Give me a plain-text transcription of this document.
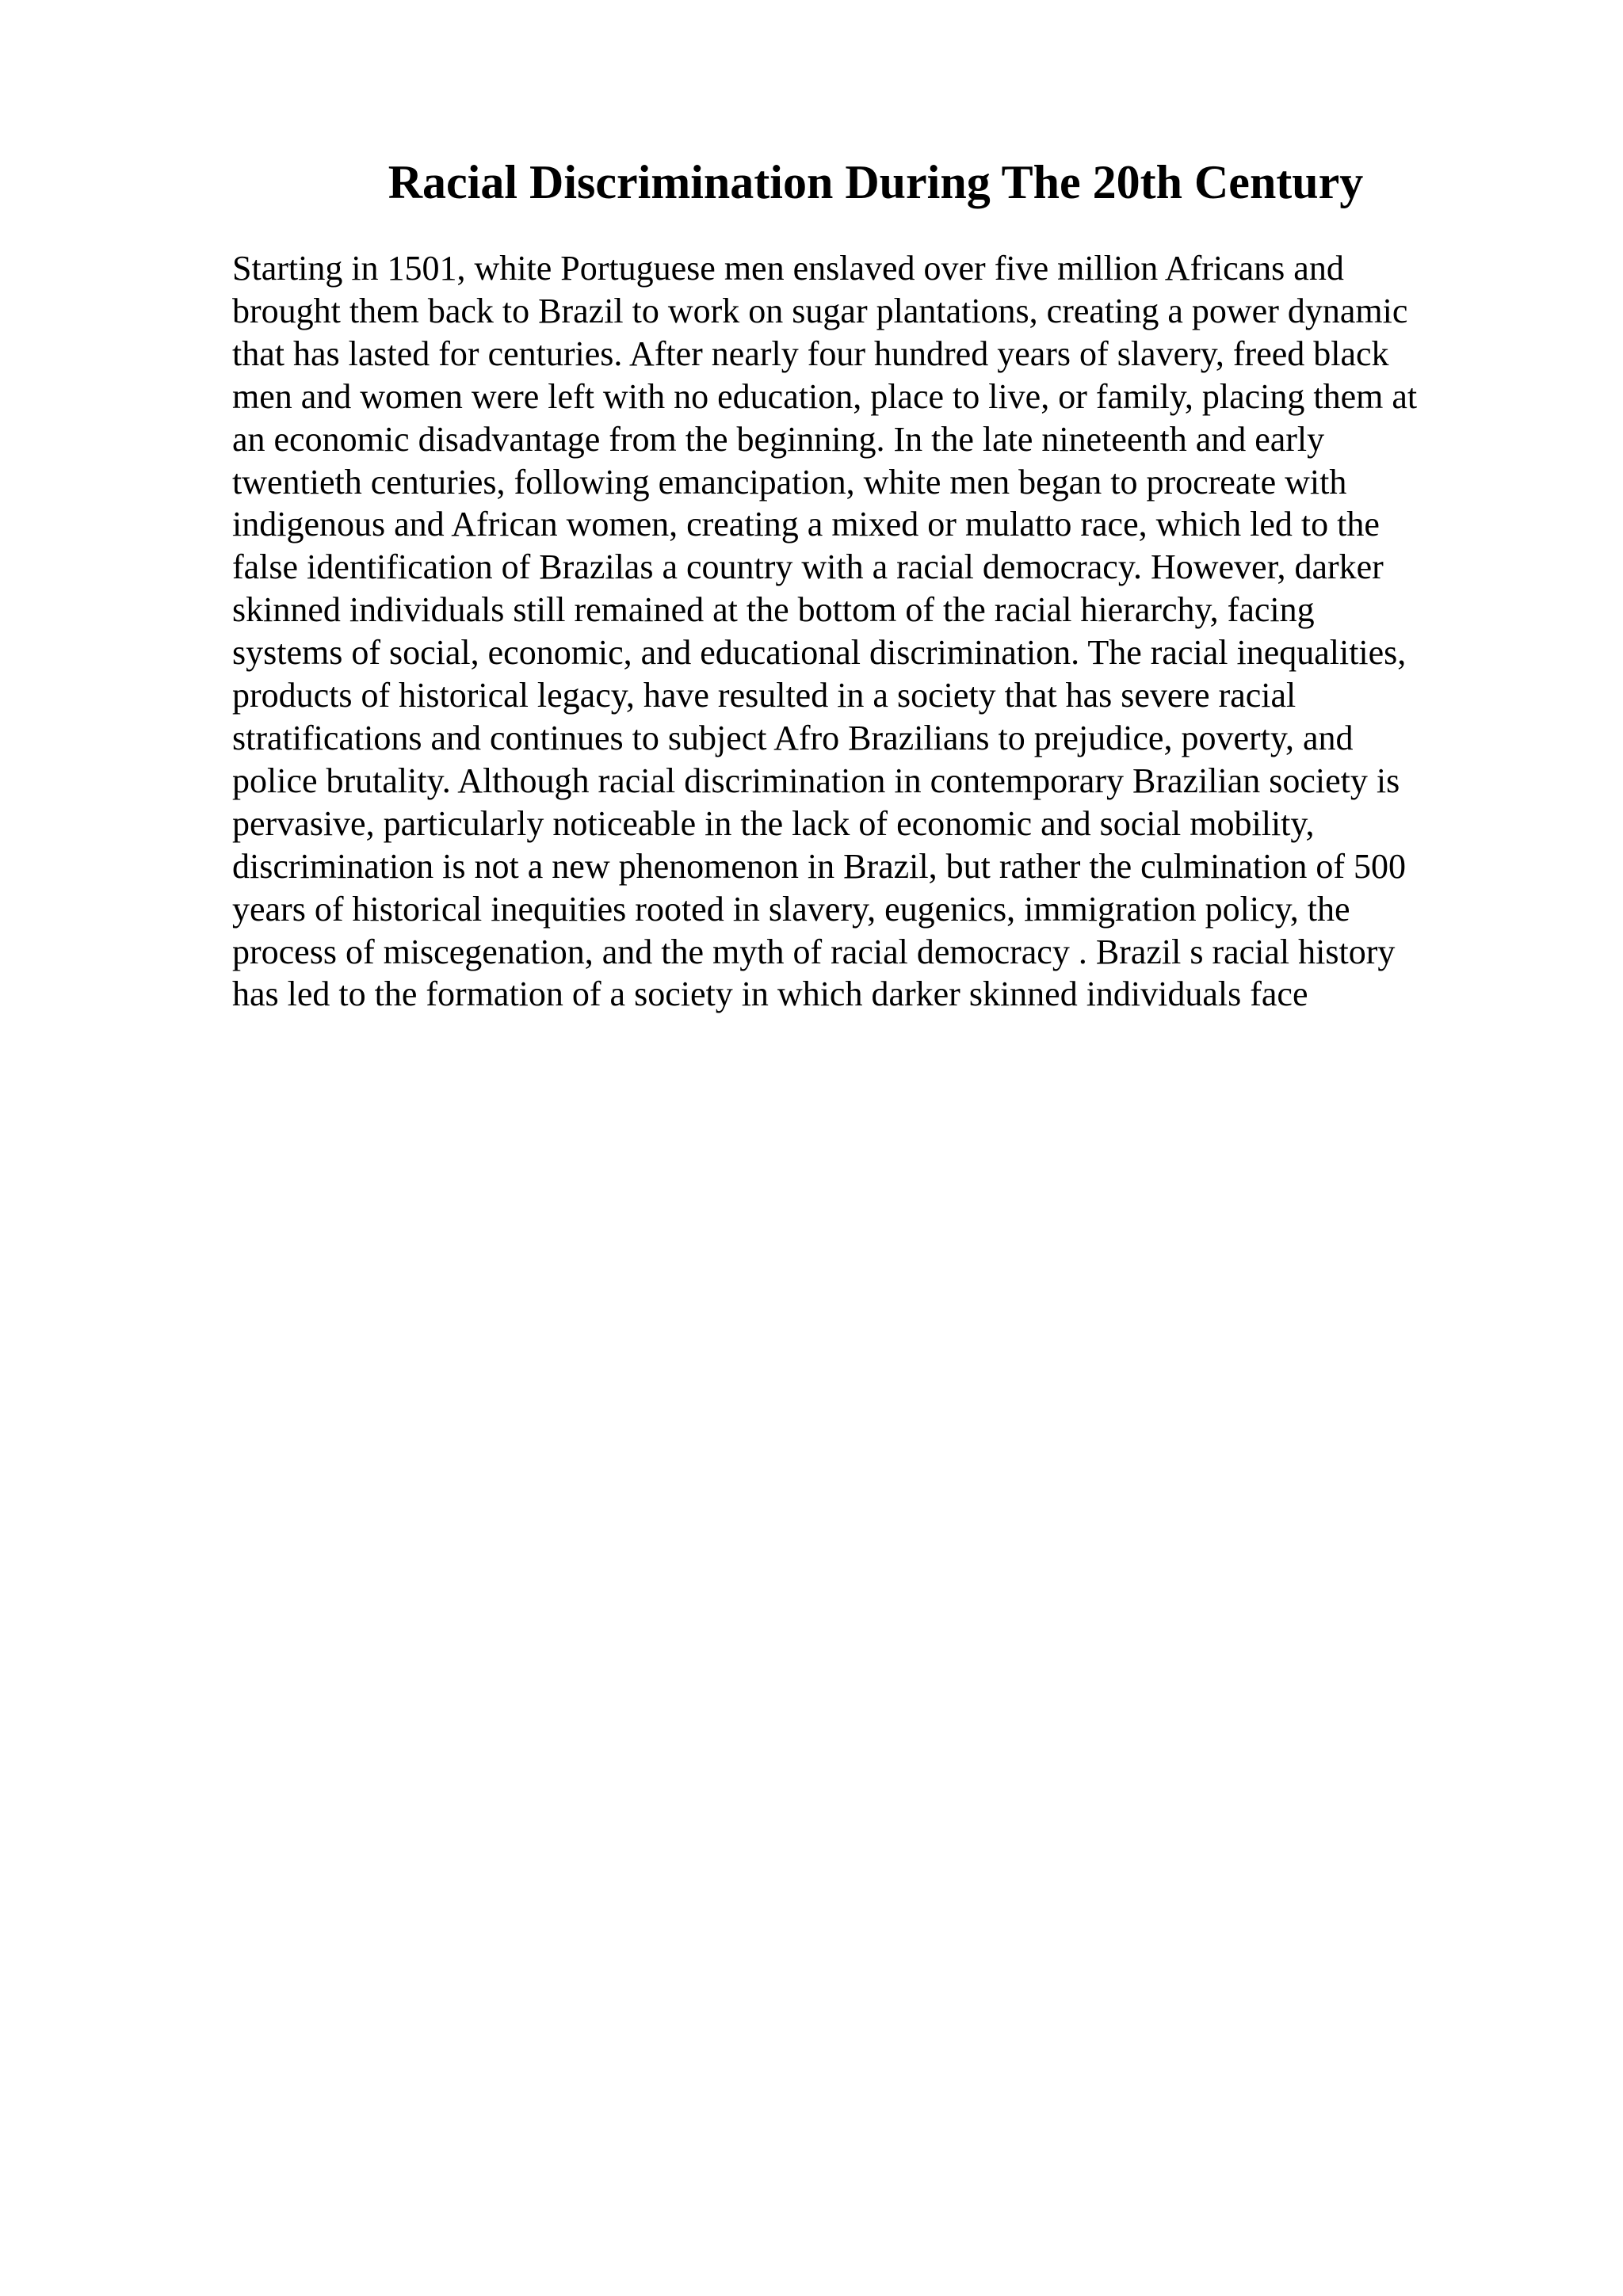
Racial Discrimination During The 20th Century
Starting in 1501, white Portuguese men enslaved over five million Africans and
brought them back to Brazil to work on sugar plantations, creating a power dynamic
that has lasted for centuries. After nearly four hundred years of slavery, freed black
men and women were left with no education, place to live, or family, placing them at
an economic disadvantage from the beginning. In the late nineteenth and early
twentieth centuries, following emancipation, white men began to procreate with
indigenous and African women, creating a mixed or mulatto race, which led to the
false identification of Brazilas a country with a racial democracy. However, darker
skinned individuals still remained at the bottom of the racial hierarchy, facing
systems of social, economic, and educational discrimination. The racial inequalities,
products of historical legacy, have resulted in a society that has severe racial
stratifications and continues to subject Afro Brazilians to prejudice, poverty, and
police brutality. Although racial discrimination in contemporary Brazilian society is
pervasive, particularly noticeable in the lack of economic and social mobility,
discrimination is not a new phenomenon in Brazil, but rather the culmination of 500
years of historical inequities rooted in slavery, eugenics, immigration policy, the
process of miscegenation, and the myth of racial democracy . Brazil s racial history
has led to the formation of a society in which darker skinned individuals face
